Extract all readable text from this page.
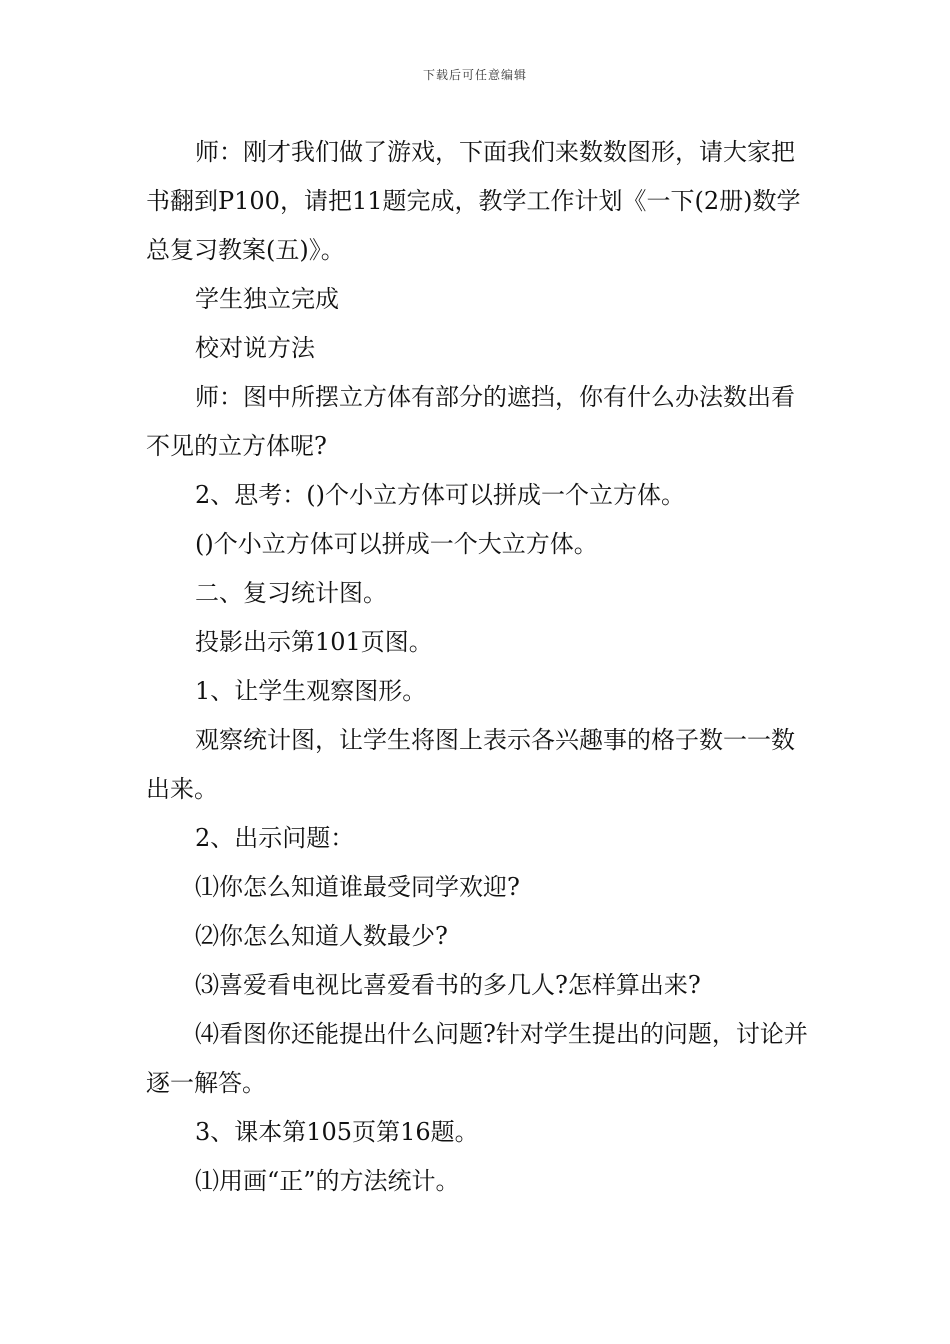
下载后可任意编辑

师：刚才我们做了游戏，下面我们来数数图形，请大家把书翻到P100，请把11题完成，教学工作计划《一下(2册)数学总复习教案(五)》。

学生独立完成

校对说方法

师：图中所摆立方体有部分的遮挡，你有什么办法数出看不见的立方体呢?

2、思考：()个小立方体可以拼成一个立方体。

()个小立方体可以拼成一个大立方体。

二、复习统计图。

投影出示第101页图。

1、让学生观察图形。

观察统计图，让学生将图上表示各兴趣事的格子数一一数出来。

2、出示问题：

⑴你怎么知道谁最受同学欢迎?

⑵你怎么知道人数最少?

⑶喜爱看电视比喜爱看书的多几人?怎样算出来?

⑷看图你还能提出什么问题?针对学生提出的问题，讨论并逐一解答。

3、课本第105页第16题。

⑴用画“正”的方法统计。
